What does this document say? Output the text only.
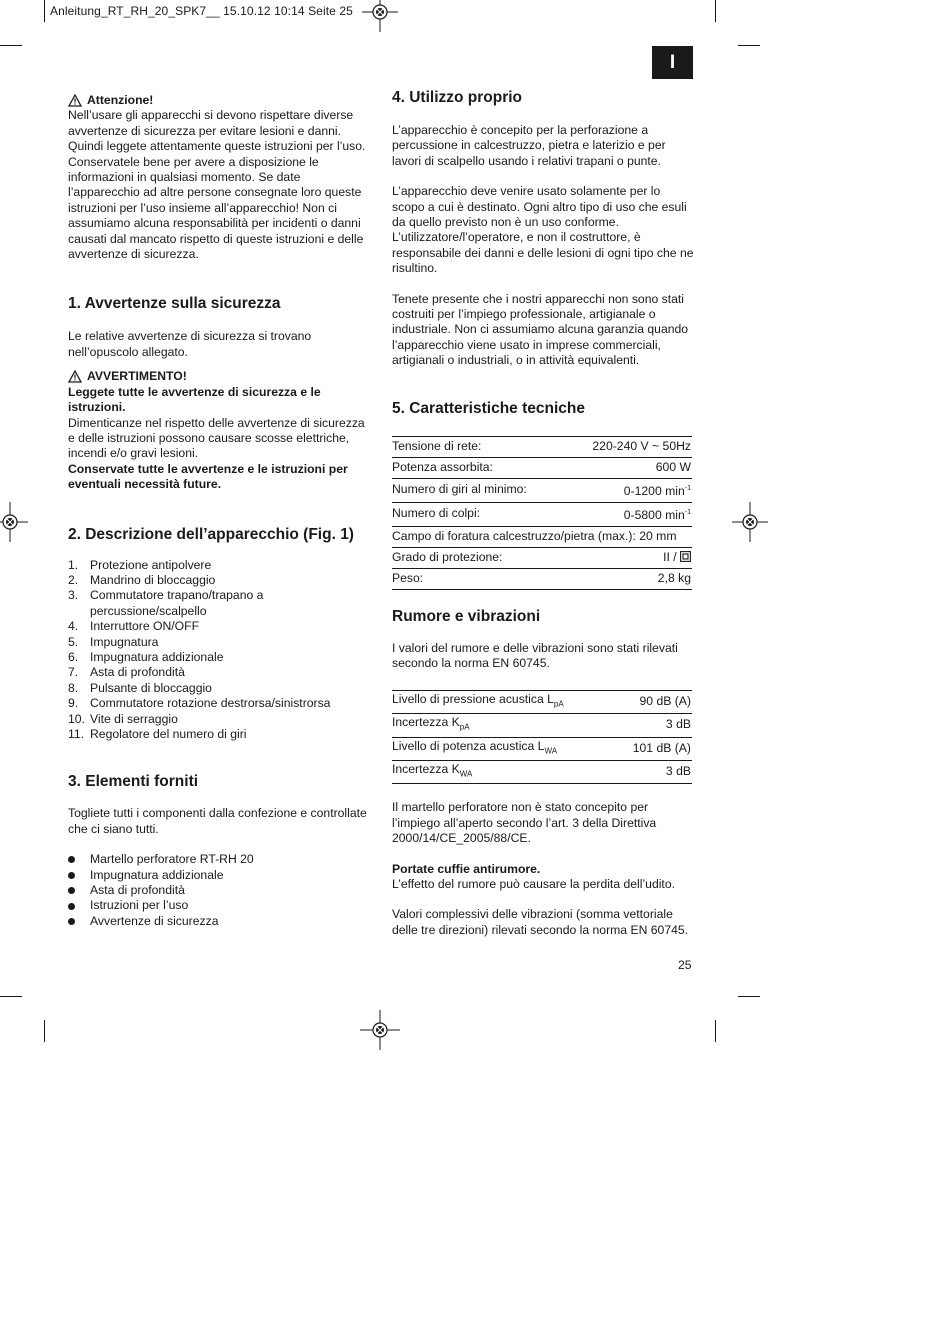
Anleitung_RT_RH_20_SPK7__ 15.10.12 10:14 Seite 25
I
Attenzione!

Nell’usare gli apparecchi si devono rispettare diverse avvertenze di sicurezza per evitare lesioni e danni. Quindi leggete attentamente queste istruzioni per l’uso. Conservatele bene per avere a disposizione le informazioni in qualsiasi momento. Se date l’apparecchio ad altre persone consegnate loro queste istruzioni per l’uso insieme all’apparecchio! Non ci assumiamo alcuna responsabilità per incidenti o danni causati dal mancato rispetto di queste istruzioni e delle avvertenze di sicurezza.

1. Avvertenze sulla sicurezza

Le relative avvertenze di sicurezza si trovano nell’opuscolo allegato.

AVVERTIMENTO!

Leggete tutte le avvertenze di sicurezza e le istruzioni.

Dimenticanze nel rispetto delle avvertenze di sicurezza e delle istruzioni possono causare scosse elettriche, incendi e/o gravi lesioni.

Conservate tutte le avvertenze e le istruzioni per eventuali necessità future.

2. Descrizione dell’apparecchio (Fig. 1)
1. Protezione antipolvere
2. Mandrino di bloccaggio
3. Commutatore trapano/trapano a percussione/scalpello
4. Interruttore ON/OFF
5. Impugnatura
6. Impugnatura addizionale
7. Asta di profondità
8. Pulsante di bloccaggio
9. Commutatore rotazione destrorsa/sinistrorsa
10. Vite di serraggio
11. Regolatore del numero di giri
3. Elementi forniti

Togliete tutti i componenti dalla confezione e controllate che ci siano tutti.

Martello perforatore RT-RH 20
Impugnatura addizionale
Asta di profondità
Istruzioni per l’uso
Avvertenze di sicurezza
4. Utilizzo proprio

L’apparecchio è concepito per la perforazione a percussione in calcestruzzo, pietra e laterizio e per lavori di scalpello usando i relativi trapani o punte.

L’apparecchio deve venire usato solamente per lo scopo a cui è destinato. Ogni altro tipo di uso che esuli da quello previsto non è un uso conforme. L’utilizzatore/l’operatore, e non il costruttore, è responsabile dei danni e delle lesioni di ogni tipo che ne risultino.

Tenete presente che i nostri apparecchi non sono stati costruiti per l’impiego professionale, artigianale o industriale. Non ci assumiamo alcuna garanzia quando l’apparecchio viene usato in imprese commerciali, artigianali o industriali, o in attività equivalenti.

5. Caratteristiche tecniche
Tensione di rete:	220-240 V ~ 50Hz
Potenza assorbita:	600 W
Numero di giri al minimo:	0-1200 $\min^{-1}$
Numero di colpi:	0-5800 $\min^{-1}$
Campo di foratura calcestruzzo/pietra (max.): 20 mm	
Grado di protezione:	II /
Peso:	2,8 kg
Rumore e vibrazioni

I valori del rumore e delle vibrazioni sono stati rilevati secondo la norma EN 60745.

Livello di pressione acustica $L_{pA}$	90 dB (A)
Incertezza $K_{pA}$	3 dB
Livello di potenza acustica $L_{WA}$	101 dB (A)
Incertezza $K_{WA}$	3 dB

Il martello perforatore non è stato concepito per l’impiego all’aperto secondo l’art. 3 della Direttiva 2000/14/CE_2005/88/CE.

Portate cuffie antirumore.

L’effetto del rumore può causare la perdita dell’udito.

Valori complessivi delle vibrazioni (somma vettoriale delle tre direzioni) rilevati secondo la norma EN 60745.

25
